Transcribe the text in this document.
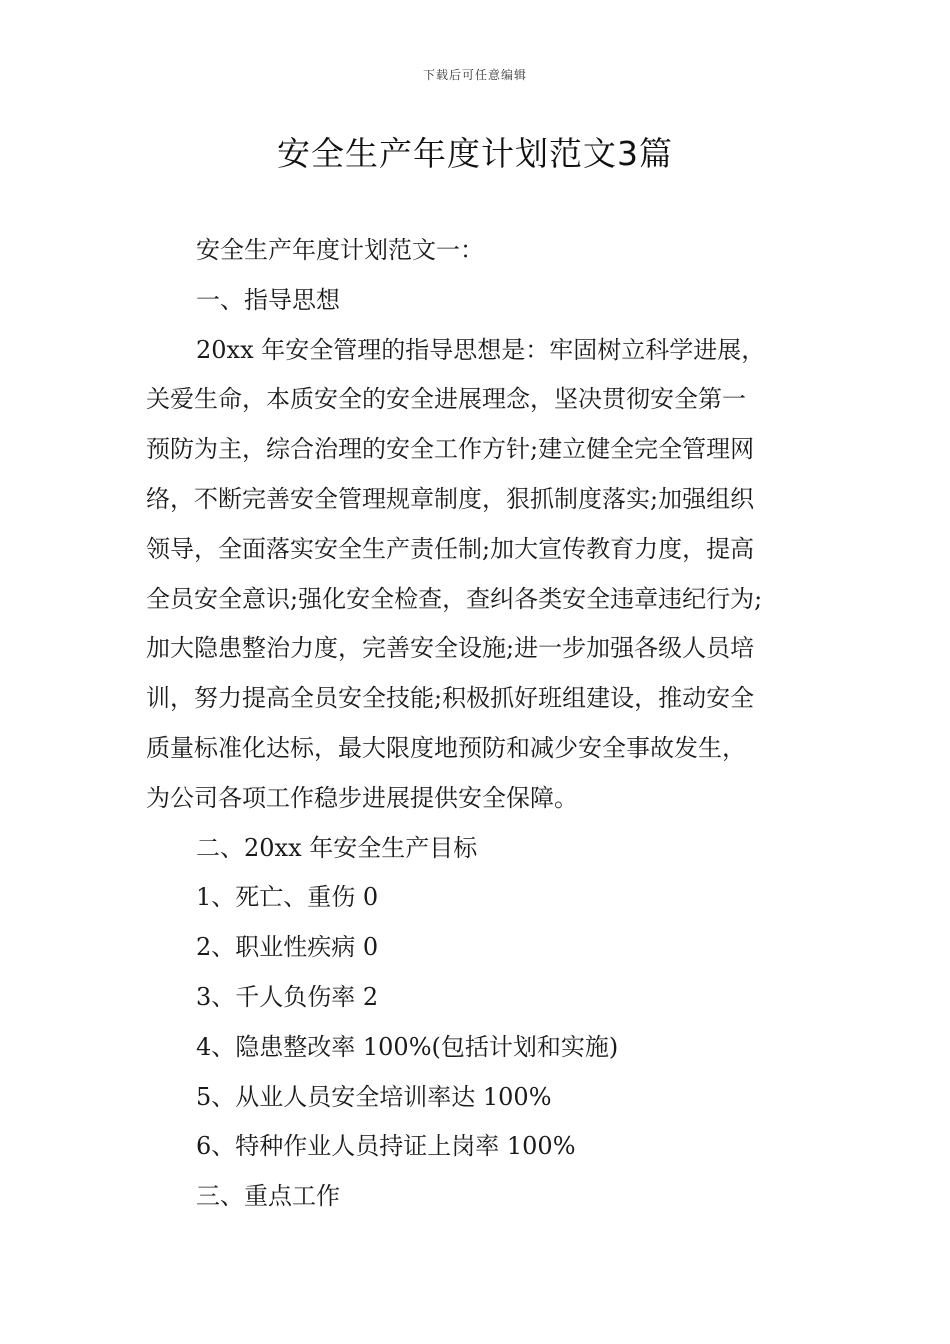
下载后可任意编辑
安全生产年度计划范文3篇

安全生产年度计划范文一：

一、指导思想

20xx 年安全管理的指导思想是：牢固树立科学进展，

关爱生命，本质安全的安全进展理念，坚决贯彻安全第一

预防为主，综合治理的安全工作方针;建立健全完全管理网

络，不断完善安全管理规章制度，狠抓制度落实;加强组织

领导，全面落实安全生产责任制;加大宣传教育力度，提高

全员安全意识;强化安全检查，查纠各类安全违章违纪行为;

加大隐患整治力度，完善安全设施;进一步加强各级人员培

训，努力提高全员安全技能;积极抓好班组建设，推动安全

质量标准化达标，最大限度地预防和减少安全事故发生，

为公司各项工作稳步进展提供安全保障。

二、20xx 年安全生产目标

1、死亡、重伤 0

2、职业性疾病 0

3、千人负伤率 2

4、隐患整改率 100%(包括计划和实施)

5、从业人员安全培训率达 100%

6、特种作业人员持证上岗率 100%

三、重点工作
